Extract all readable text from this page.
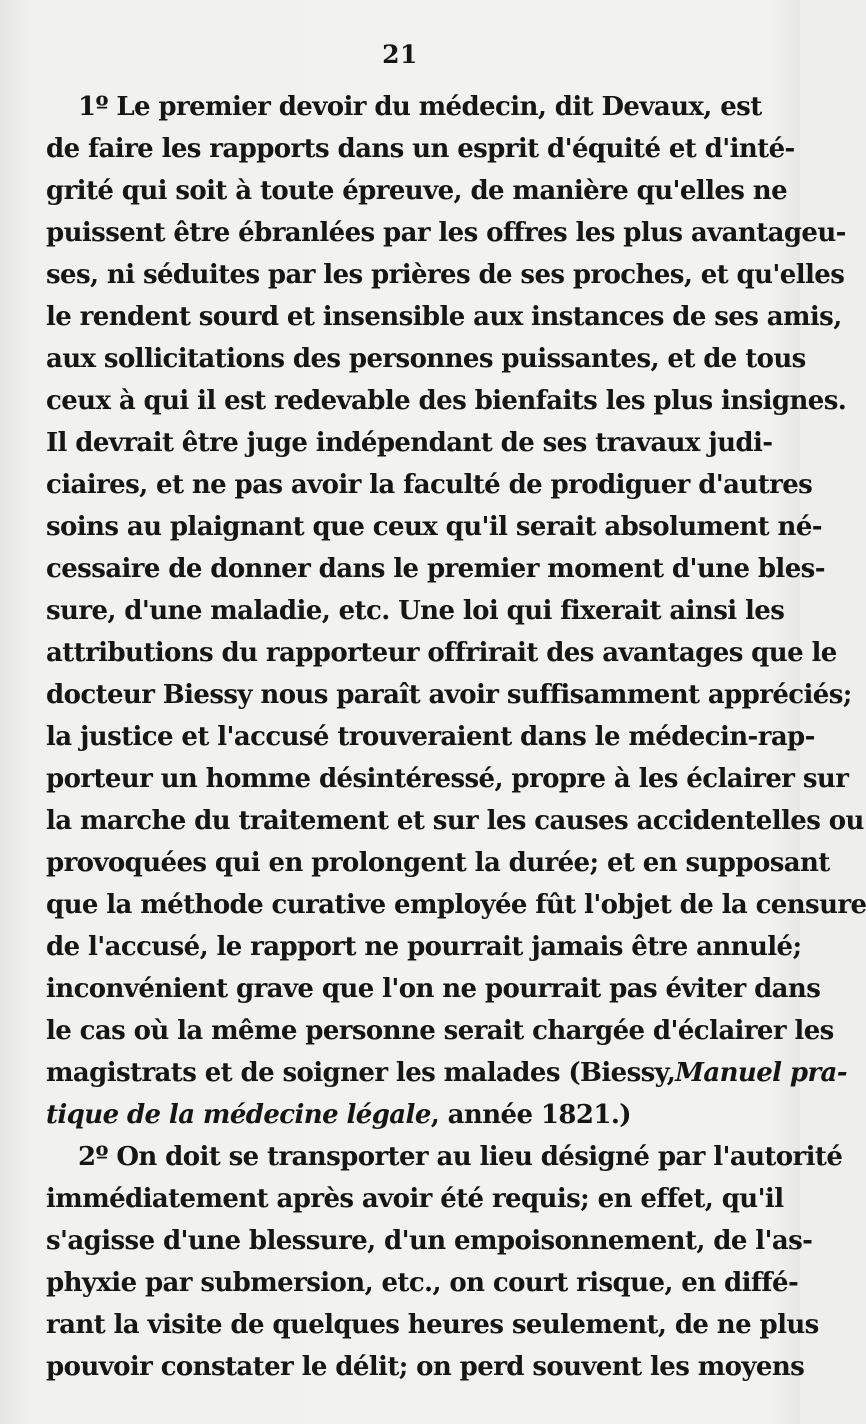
21
1º Le premier devoir du médecin, dit Devaux, est
de faire les rapports dans un esprit d'équité et d'inté-
grité qui soit à toute épreuve, de manière qu'elles ne
puissent être ébranlées par les offres les plus avantageu-
ses, ni séduites par les prières de ses proches, et qu'elles
le rendent sourd et insensible aux instances de ses amis,
aux sollicitations des personnes puissantes, et de tous
ceux à qui il est redevable des bienfaits les plus insignes.
Il devrait être juge indépendant de ses travaux judi-
ciaires, et ne pas avoir la faculté de prodiguer d'autres
soins au plaignant que ceux qu'il serait absolument né-
cessaire de donner dans le premier moment d'une bles-
sure, d'une maladie, etc. Une loi qui fixerait ainsi les
attributions du rapporteur offrirait des avantages que le
docteur Biessy nous paraît avoir suffisamment appréciés;
la justice et l'accusé trouveraient dans le médecin-rap-
porteur un homme désintéressé, propre à les éclairer sur
la marche du traitement et sur les causes accidentelles ou
provoquées qui en prolongent la durée; et en supposant
que la méthode curative employée fût l'objet de la censure
de l'accusé, le rapport ne pourrait jamais être annulé;
inconvénient grave que l'on ne pourrait pas éviter dans
le cas où la même personne serait chargée d'éclairer les
magistrats et de soigner les malades (Biessy,Manuel pra-
tique de la médecine légale, année 1821.)
2º On doit se transporter au lieu désigné par l'autorité
immédiatement après avoir été requis; en effet, qu'il
s'agisse d'une blessure, d'un empoisonnement, de l'as-
phyxie par submersion, etc., on court risque, en diffé-
rant la visite de quelques heures seulement, de ne plus
pouvoir constater le délit; on perd souvent les moyens
